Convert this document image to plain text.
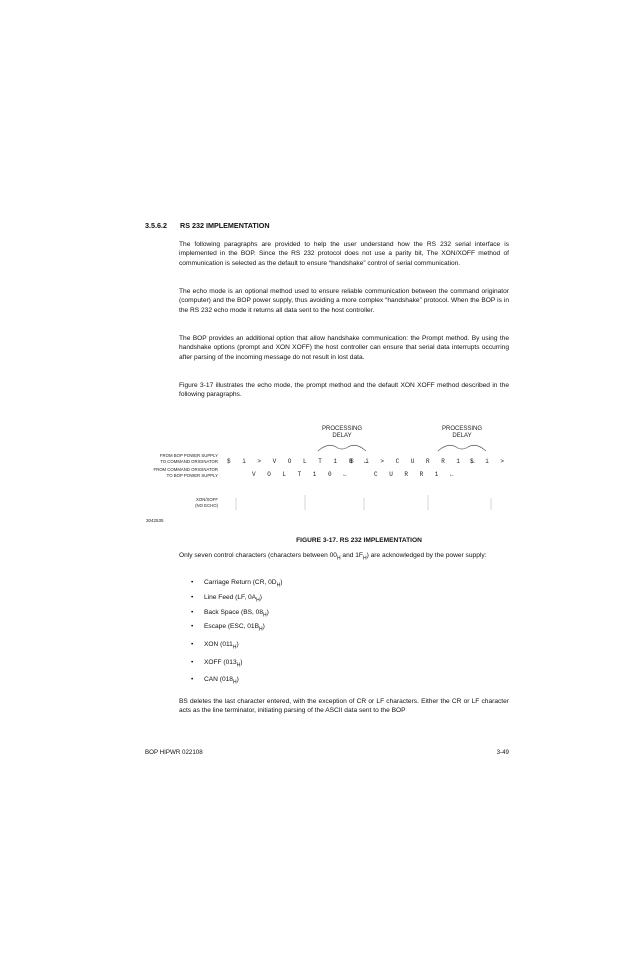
3.5.6.2 RS 232 IMPLEMENTATION

The following paragraphs are provided to help the user understand how the RS 232 serial interface is implemented in the BOP. Since the RS 232 protocol does not use a parity bit, The XON/XOFF method of communication is selected as the default to ensure “handshake” control of serial communication.

The echo mode is an optional method used to ensure reliable communication between the command originator (computer) and the BOP power supply, thus avoiding a more complex “handshake” protocol. When the BOP is in the RS 232 echo mode it returns all data sent to the host controller.

The BOP provides an additional option that allow handshake communication: the Prompt method. By using the handshake options (prompt and XON XOFF) the host controller can ensure that serial data interrupts occurring after parsing of the incoming message do not result in lost data.

Figure 3-17 illustrates the echo mode, the prompt method and the default XON XOFF method described in the following paragraphs.

PROCESSING
DELAY
PROCESSING
DELAY
FROM BOP POWER SUPPLY
TO COMMAND ORIGINATOR $ i > V O L T 1 0 ←
$ i > C U R R 1 ←
$ i >
FROM COMMAND ORIGINATOR
TO BOP POWER SUPPLY	V O L T 1 0 ←	C U R R 1 ←
XON/XOFF
(NO ECHO)
3042535
FIGURE 3-17. RS 232 IMPLEMENTATION

Only seven control characters (characters between $00_H$ and $1F_H$) are acknowledged by the power supply:

• Carriage Return (CR, $0D_H$)
• Line Feed (LF, $0A_H$)
• Back Space (BS, $08_H$)
• Escape (ESC, $01B_H$)
• XON $(011_H)$
• XOFF $(013_H)$
• CAN $(018_H)$

BS deletes the last character entered, with the exception of CR or LF characters. Either the CR or LF character acts as the line terminator, initiating parsing of the ASCII data sent to the BOP

BOP HIPWR 022108	3-49
